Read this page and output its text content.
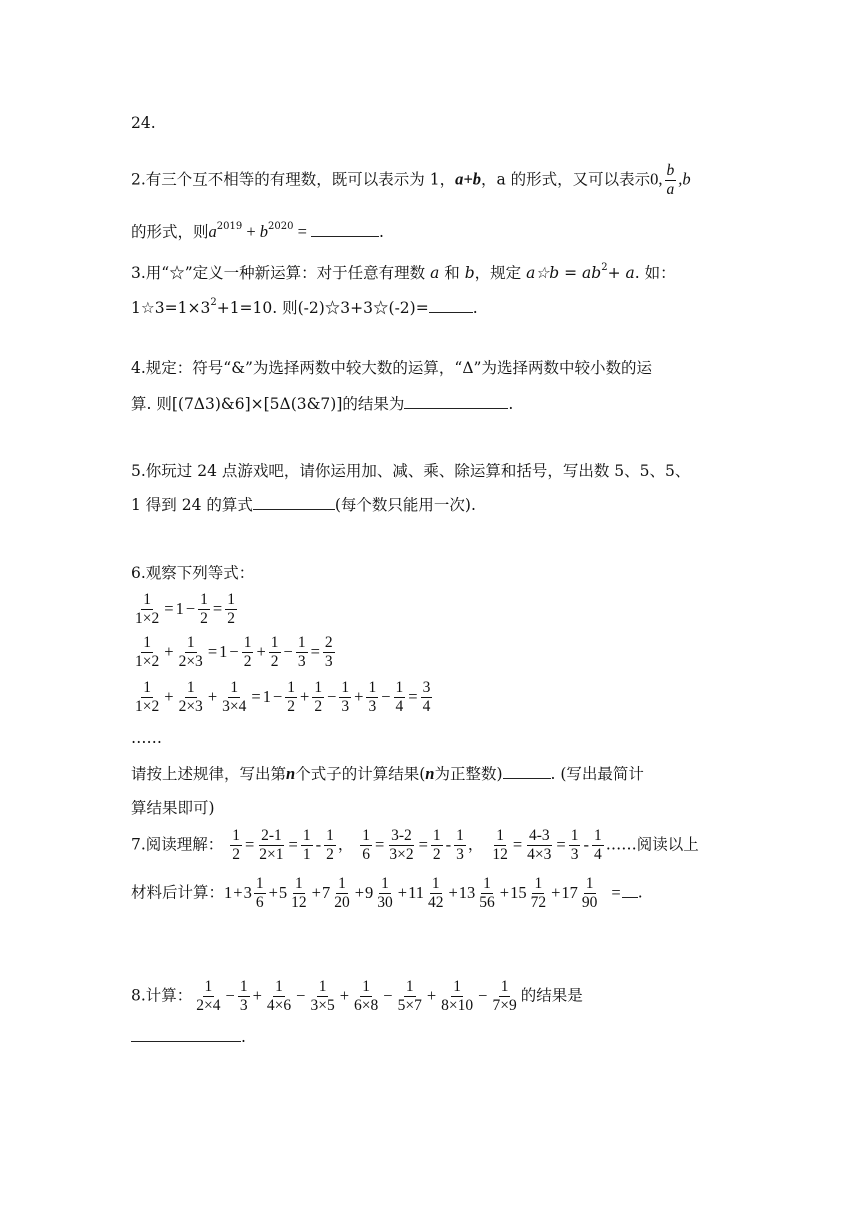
24.
2.有三个互不相等的有理数，既可以表示为 1，a+b，a 的形式，又可以表示0, $\frac{b}{a} ,b$
的形式，则$a^{2019} + b^{2020}$ =	.
3.用“☆”定义一种新运算：对于任意有理数 a 和 b，规定 a☆b = $ab^2+ a$. 如：
$1☆3=1\times 3^2+1=10$. 则(-2)☆3+3☆(-2)=	.
4.规定：符号“&”为选择两数中较大数的运算，“Δ”为选择两数中较小数的运
算. 则[(7Δ3)&6]×[5Δ(3&7)]的结果为	.
5.你玩过 24 点游戏吧，请你运用加、减、乘、除运算和括号，写出数 5、5、5、
1 得到 24 的算式	(每个数只能用一次).
6.观察下列等式：
$\frac{1}{1\times 2} = 1 - \frac{1}{2} = \frac{1}{2}$
$\frac{1}{1\times 2} + \frac{1}{2\times 3} = 1 - \frac{1}{2} + \frac{1}{2} - \frac{1}{3} = \frac{2}{3}$
$\frac{1}{1\times 2} + \frac{1}{2\times 3} + \frac{1}{3\times 4} = 1 - \frac{1}{2} + \frac{1}{2} - \frac{1}{3} + \frac{1}{3} - \frac{1}{4} = \frac{3}{4}$
……
请按上述规律，写出第n个式子的计算结果(n为正整数)	. (写出最简计
算结果即可)
7.阅读理解： $\frac{1}{2} = \frac{2-1}{2\times 1} = \frac{1}{1} - \frac{1}{2}$ ， $\frac{1}{6} = \frac{3-2}{3\times 2} = \frac{1}{2} - \frac{1}{3}$ ， $\frac{1}{12} = \frac{4-3}{4\times 3} = \frac{1}{3} - \frac{1}{4}$ ……阅读以上
材料后计算：$1+3 \frac{1}{6} +5 \frac{1}{12} +7 \frac{1}{20} +9 \frac{1}{30} +11 \frac{1}{42} +13 \frac{1}{56} +15 \frac{1}{72} +17 \frac{1}{90}$ = .
8.计算： $\frac{1}{2\times 4} - \frac{1}{3} + \frac{1}{4\times 6} - \frac{1}{3\times 5} + \frac{1}{6\times 8} - \frac{1}{5\times 7} + \frac{1}{8\times 10} - \frac{1}{7\times 9}$ 的结果是
.
